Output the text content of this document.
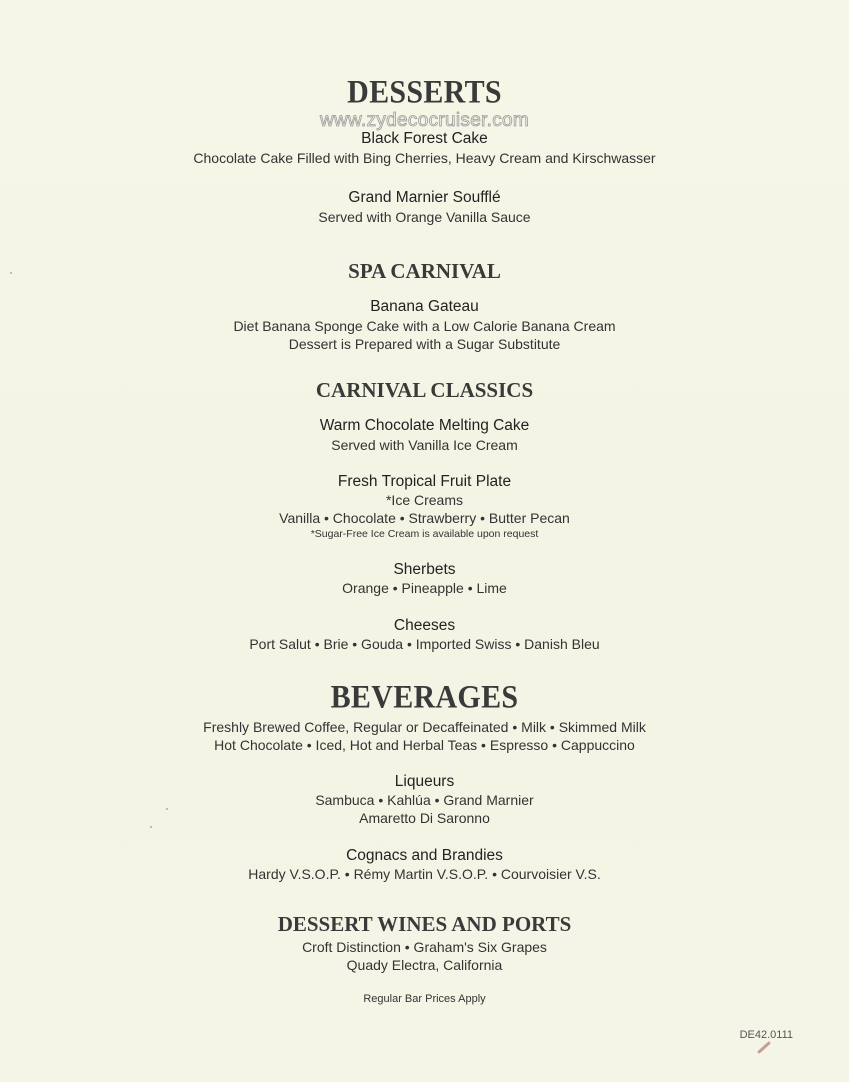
DESSERTS
www.zydecocruiser.com
Black Forest Cake
Chocolate Cake Filled with Bing Cherries, Heavy Cream and Kirschwasser
Grand Marnier Soufflé
Served with Orange Vanilla Sauce
SPA CARNIVAL
Banana Gateau
Diet Banana Sponge Cake with a Low Calorie Banana Cream
Dessert is Prepared with a Sugar Substitute
CARNIVAL CLASSICS
Warm Chocolate Melting Cake
Served with Vanilla Ice Cream
Fresh Tropical Fruit Plate
*Ice Creams
Vanilla • Chocolate • Strawberry • Butter Pecan
*Sugar-Free Ice Cream is available upon request
Sherbets
Orange • Pineapple • Lime
Cheeses
Port Salut • Brie • Gouda • Imported Swiss • Danish Bleu
BEVERAGES
Freshly Brewed Coffee, Regular or Decaffeinated • Milk • Skimmed Milk
Hot Chocolate • Iced, Hot and Herbal Teas • Espresso • Cappuccino
Liqueurs
Sambuca • Kahlúa • Grand Marnier
Amaretto Di Saronno
Cognacs and Brandies
Hardy V.S.O.P. • Rémy Martin V.S.O.P. • Courvoisier V.S.
DESSERT WINES AND PORTS
Croft Distinction • Graham's Six Grapes
Quady Electra, California
Regular Bar Prices Apply
DE42.0111
